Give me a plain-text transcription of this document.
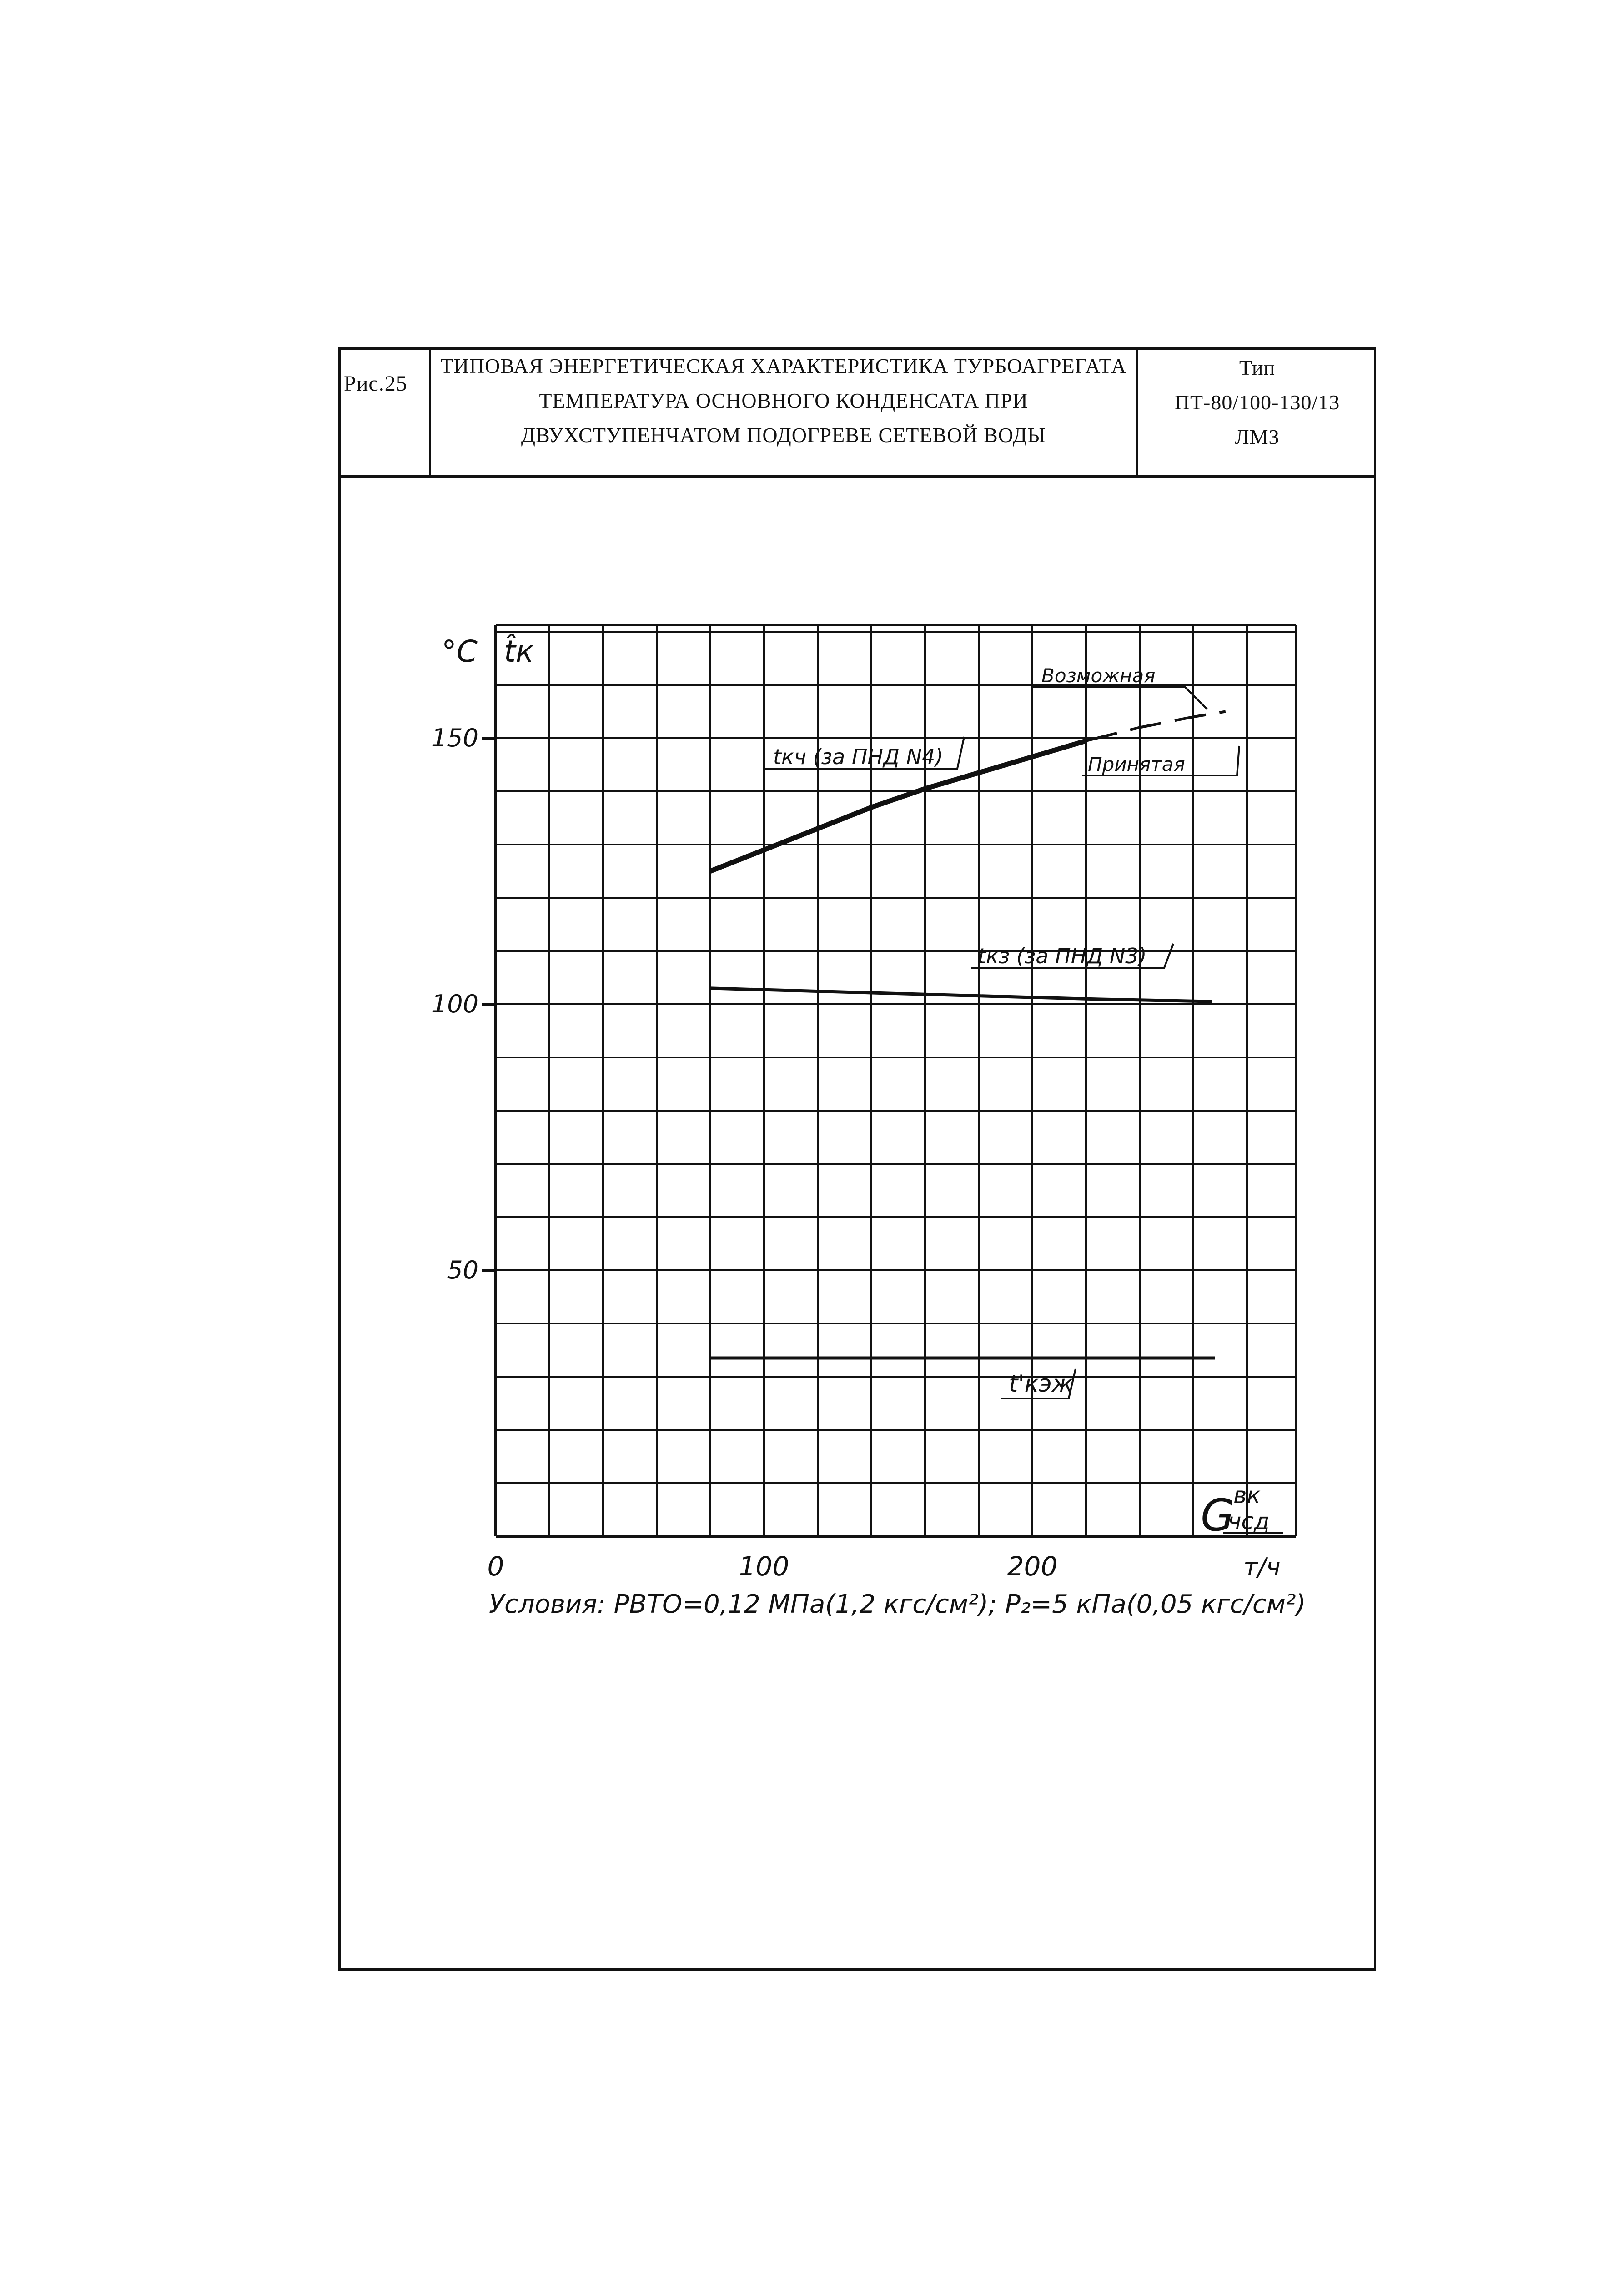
Рис.25
ТИПОВАЯ ЭНЕРГЕТИЧЕСКАЯ ХАРАКТЕРИСТИКА ТУРБОАГРЕГАТА
ТЕМПЕРАТУРА ОСНОВНОГО КОНДЕНСАТА ПРИ
ДВУХСТУПЕНЧАТОМ ПОДОГРЕВЕ СЕТЕВОЙ ВОДЫ
Тип
ПТ-80/100-130/13
ЛМЗ
50
100
150
0	100	200	т/ч
°C t̂к
G
вк
чсд
tкч (за ПНД N4)
Возможная
Принятая
tкз (за ПНД N3)
t'кэж
Условия: РВТО=0,12 МПа(1,2 кгс/см²); Р₂=5 кПа(0,05 кгс/см²)
